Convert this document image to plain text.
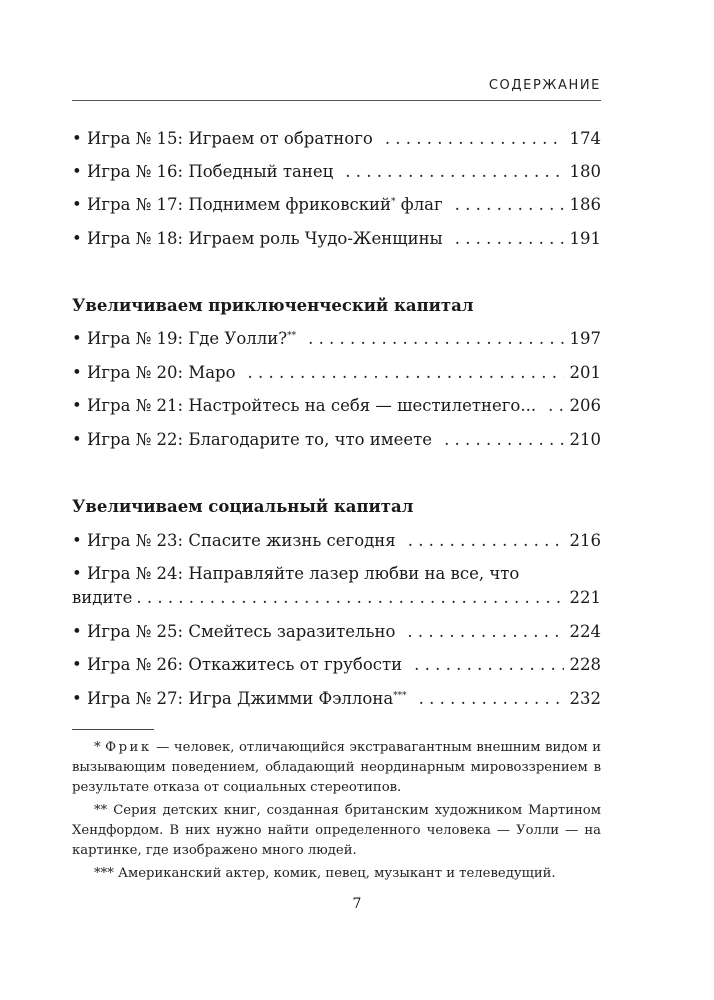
СОДЕРЖАНИЕ
• Игра № 15: Играем от обратного . . .	174
• Игра № 16: Победный танец . . .	180
• Игра № 17: Поднимем фриковский* флаг . . .	186
• Игра № 18: Играем роль Чудо-Женщины . . .	191
Увеличиваем приключенческий капитал
• Игра № 19: Где Уолли?** . . .	197
• Игра № 20: Маро . . .	201
• Игра № 21: Настройтесь на себя — шестилетнего... . . . 206
• Игра № 22: Благодарите то, что имеете . . .	210
Увеличиваем социальный капитал
• Игра № 23: Спасите жизнь сегодня . . .	216
• Игра № 24: Направляйте лазер любви на все, что
видите . . .	221
• Игра № 25: Смейтесь заразительно . . .	224
• Игра № 26: Откажитесь от грубости . . .	228
• Игра № 27: Игра Джимми Фэллона*** . . .	232

* Фрик — человек, отличающийся экстравагантным внешним видом и вызывающим поведением, обладающий неординарным мировоззрением в результате отказа от социальных стереотипов.

** Серия детских книг, созданная британским художником Мартином Хендфордом. В них нужно найти определенного человека — Уолли — на картинке, где изображено много людей.

*** Американский актер, комик, певец, музыкант и телеведущий.

7
